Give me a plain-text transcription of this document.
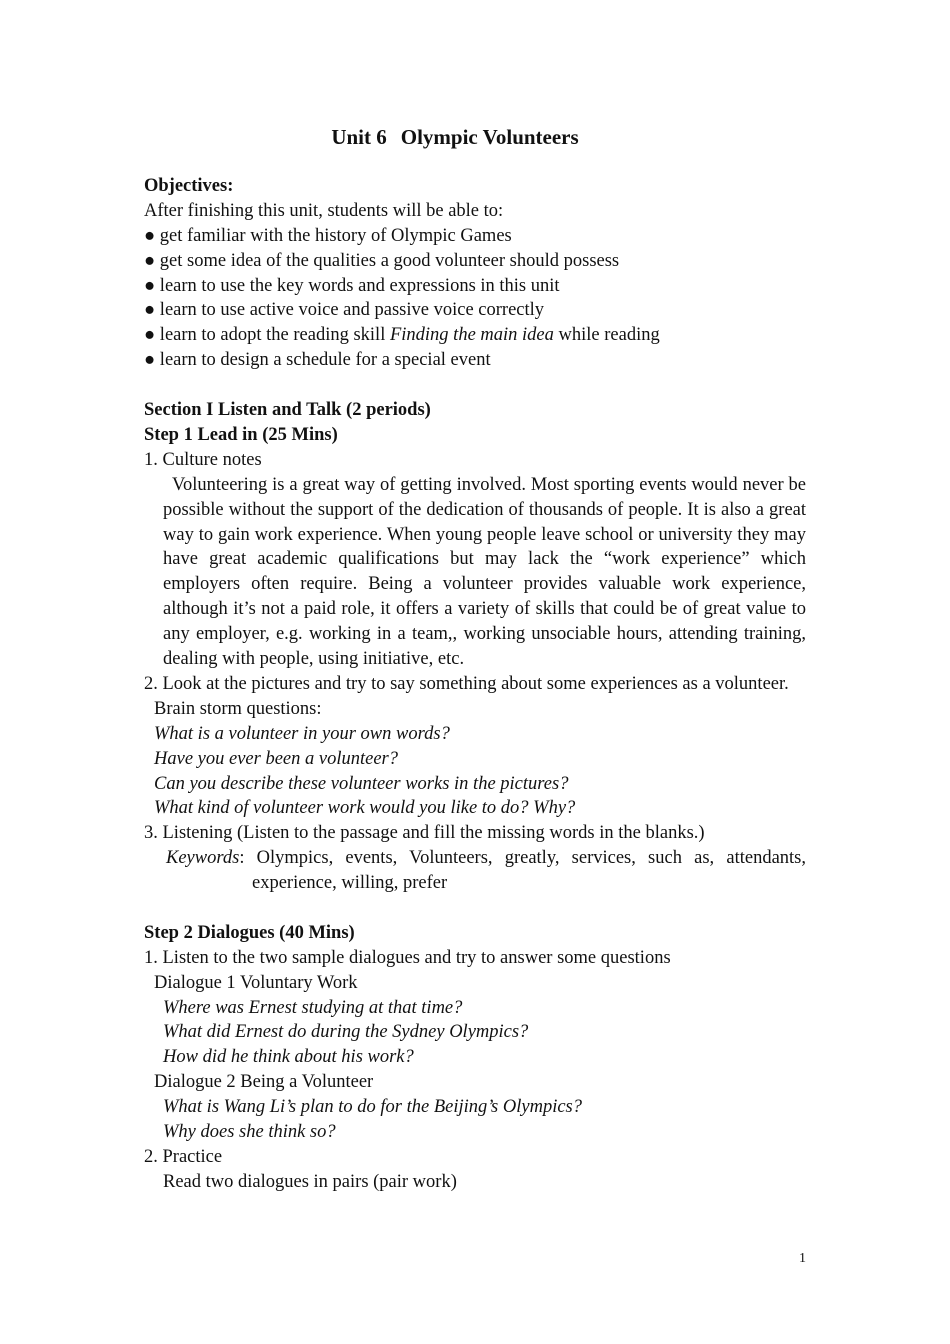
Unit 6 Olympic Volunteers
Objectives:
After finishing this unit, students will be able to:
● get familiar with the history of Olympic Games
● get some idea of the qualities a good volunteer should possess
● learn to use the key words and expressions in this unit
● learn to use active voice and passive voice correctly
● learn to adopt the reading skill Finding the main idea while reading
● learn to design a schedule for a special event
Section I Listen and Talk (2 periods)
Step 1 Lead in (25 Mins)
1. Culture notes
Volunteering is a great way of getting involved. Most sporting events would never be possible without the support of the dedication of thousands of people. It is also a great way to gain work experience. When young people leave school or university they may have great academic qualifications but may lack the “work experience” which employers often require. Being a volunteer provides valuable work experience, although it’s not a paid role, it offers a variety of skills that could be of great value to any employer, e.g. working in a team,, working unsociable hours, attending training, dealing with people, using initiative, etc.
2. Look at the pictures and try to say something about some experiences as a volunteer.
Brain storm questions:
What is a volunteer in your own words?
Have you ever been a volunteer?
Can you describe these volunteer works in the pictures?
What kind of volunteer work would you like to do? Why?
3. Listening (Listen to the passage and fill the missing words in the blanks.)
Keywords: Olympics, events, Volunteers, greatly, services, such as, attendants, experience, willing, prefer
Step 2 Dialogues (40 Mins)
1. Listen to the two sample dialogues and try to answer some questions
Dialogue 1 Voluntary Work
Where was Ernest studying at that time?
What did Ernest do during the Sydney Olympics?
How did he think about his work?
Dialogue 2 Being a Volunteer
What is Wang Li’s plan to do for the Beijing’s Olympics?
Why does she think so?
2. Practice
Read two dialogues in pairs (pair work)
1
